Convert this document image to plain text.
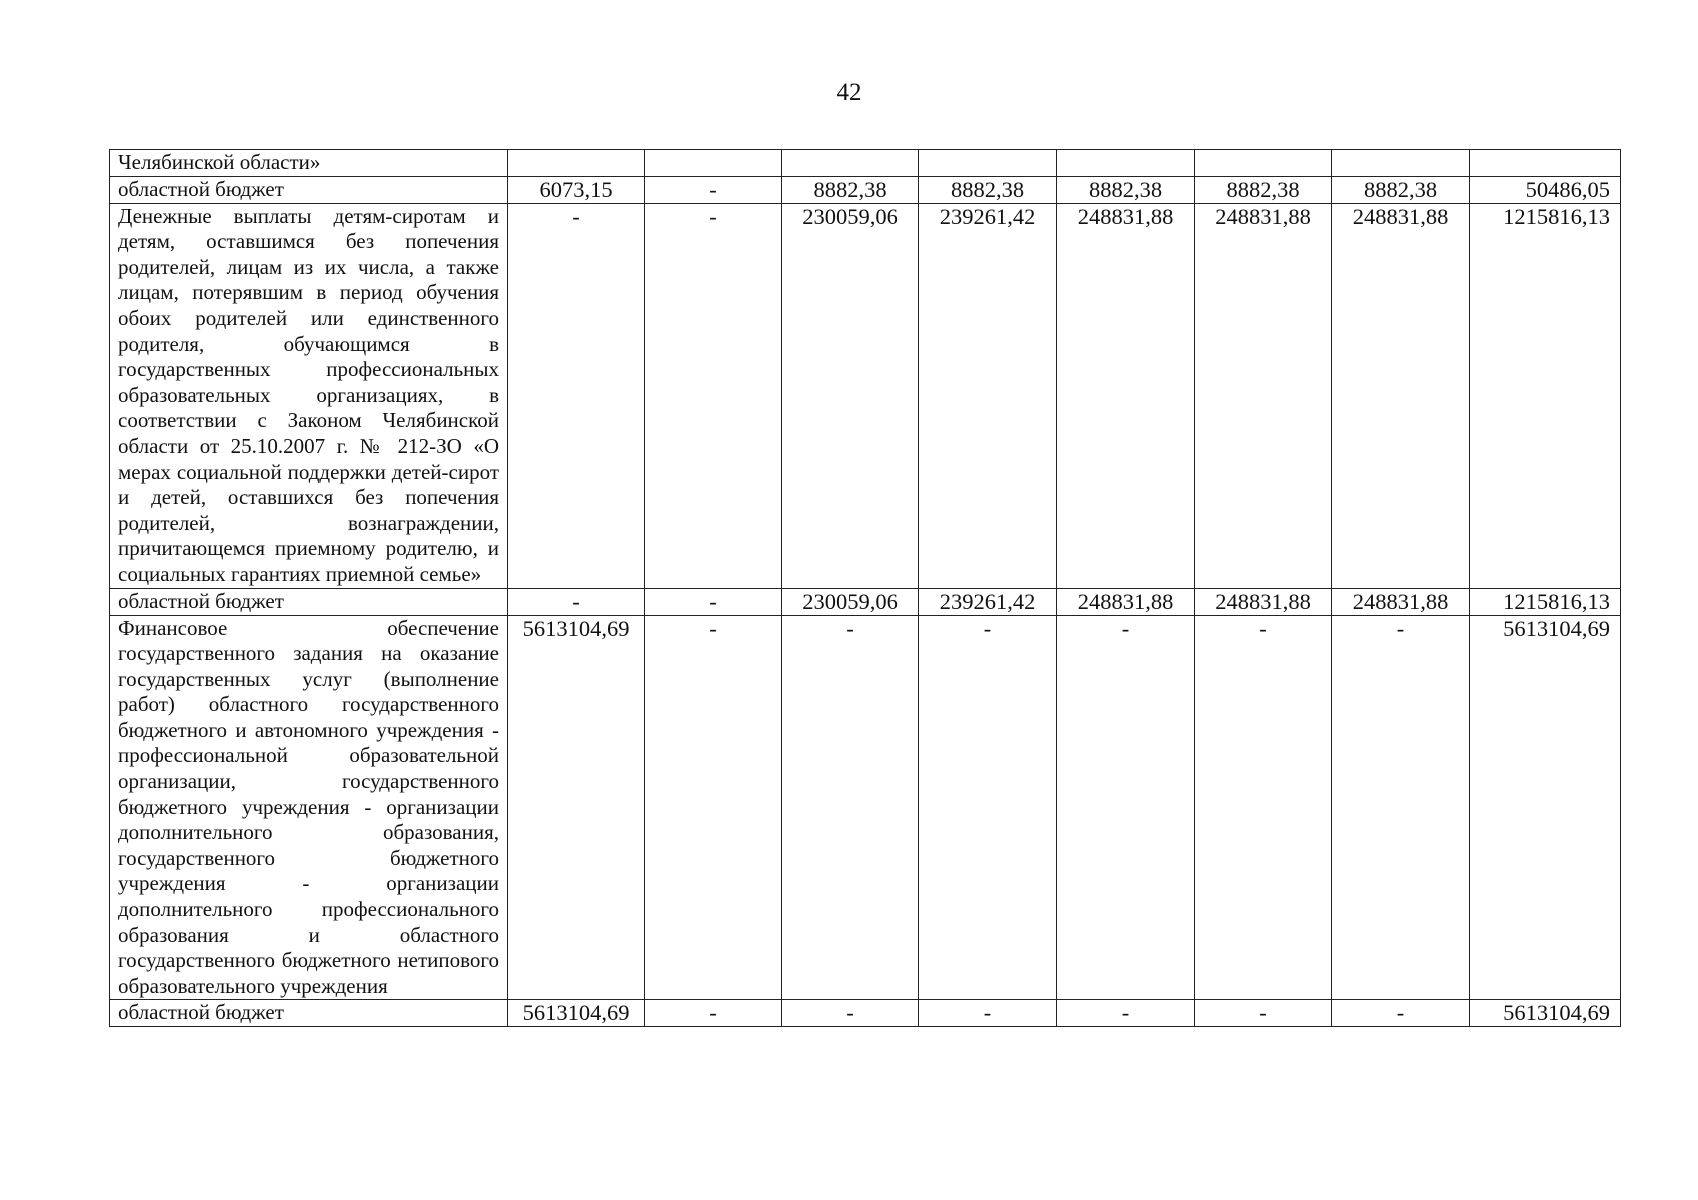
42
Челябинской области»								
областной бюджет	6073,15	-	8882,38	8882,38	8882,38	8882,38	8882,38	50486,05
Денежные выплаты детям-сиротам и детям, оставшимся без попечения родителей, лицам из их числа, а также лицам, потерявшим в период обучения обоих родителей или единственного родителя, обучающимся в государственных профессиональных образовательных организациях, в соответствии с Законом Челябинской области от 25.10.2007 г. № 212-ЗО «О мерах социальной поддержки детей-сирот и детей, оставшихся без попечения родителей, вознаграждении, причитающемся приемному родителю, и социальных гарантиях приемной семье»	-	-	230059,06	239261,42	248831,88	248831,88	248831,88	1215816,13
областной бюджет	-	-	230059,06	239261,42	248831,88	248831,88	248831,88	1215816,13
Финансовое обеспечение государственного задания на оказание государственных услуг (выполнение работ) областного государственного бюджетного и автономного учреждения - профессиональной образовательной организации, государственного бюджетного учреждения - организации дополнительного образования, государственного бюджетного учреждения - организации дополнительного профессионального образования и областного государственного бюджетного нетипового образовательного учреждения	5613104,69	-	-	-	-	-	-	5613104,69
областной бюджет	5613104,69	-	-	-	-	-	-	5613104,69
